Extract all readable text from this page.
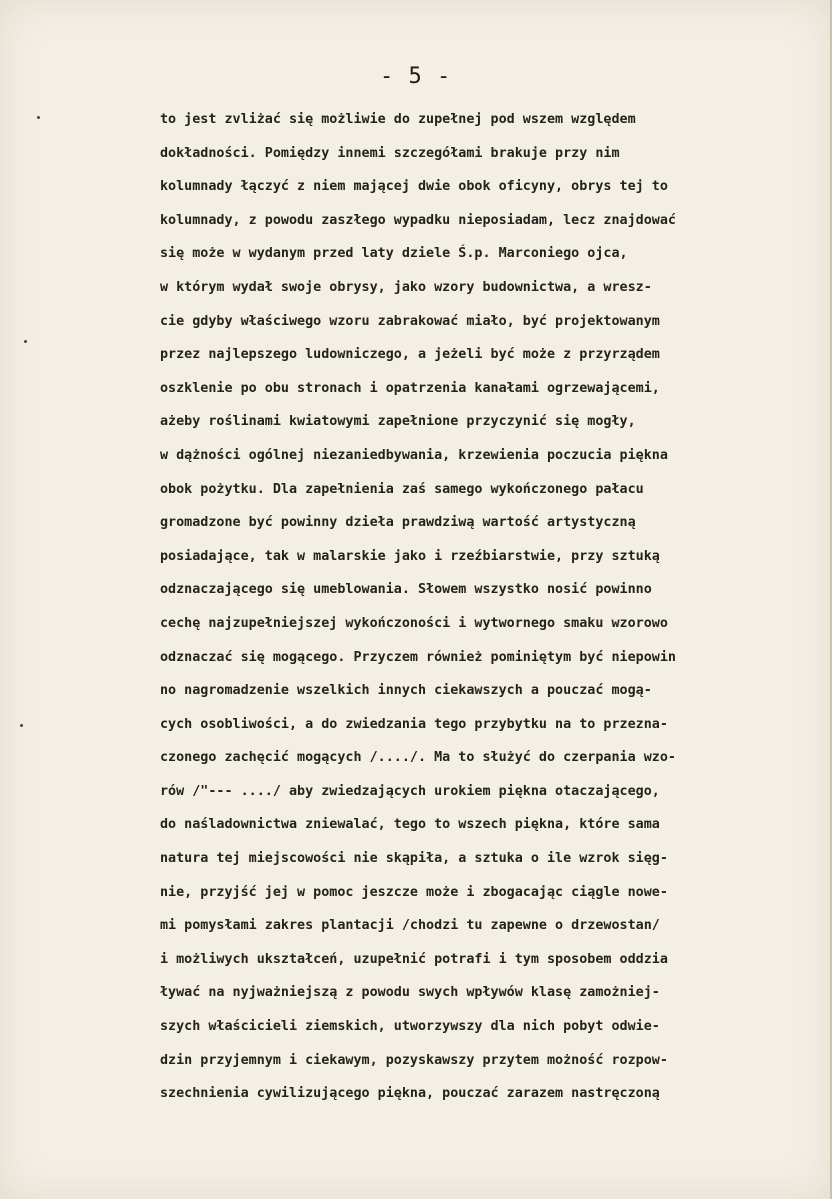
- 5 -
to jest zvliżać się możliwie do zupełnej pod wszem względem
dokładności. Pomiędzy innemi szczegółami brakuje przy nim
kolumnady łączyć z niem mającej dwie obok oficyny, obrys tej to
kolumnady, z powodu zaszłego wypadku nieposiadam, lecz znajdować
się może w wydanym przed laty dziele Ś.p. Marconiego ojca,
w którym wydał swoje obrysy, jako wzory budownictwa, a wresz-
cie gdyby właściwego wzoru zabrakować miało, być projektowanym
przez najlepszego ludowniczego, a jeżeli być może z przyrządem
oszklenie po obu stronach i opatrzenia kanałami ogrzewającemi,
ażeby roślinami kwiatowymi zapełnione przyczynić się mogły,
w dążności ogólnej niezaniedbywania, krzewienia poczucia piękna
obok pożytku. Dla zapełnienia zaś samego wykończonego pałacu
gromadzone być powinny dzieła prawdziwą wartość artystyczną
posiadające, tak w malarskie jako i rzeźbiarstwie, przy sztuką
odznaczającego się umeblowania. Słowem wszystko nosić powinno
cechę najzupełniejszej wykończoności i wytwornego smaku wzorowo
odznaczać się mogącego. Przyczem również pominiętym być niepowin
no nagromadzenie wszelkich innych ciekawszych a pouczać mogą-
cych osobliwości, a do zwiedzania tego przybytku na to przezna-
czonego zachęcić mogących /..../. Ma to służyć do czerpania wzo-
rów /"--- ..../ aby zwiedzających urokiem piękna otaczającego,
do naśladownictwa zniewalać, tego to wszech piękna, które sama
natura tej miejscowości nie skąpiła, a sztuka o ile wzrok sięg-
nie, przyjść jej w pomoc jeszcze może i zbogacając ciągle nowe-
mi pomysłami zakres plantacji /chodzi tu zapewne o drzewostan/
i możliwych ukształceń, uzupełnić potrafi i tym sposobem oddzia
ływać na nyjważniejszą z powodu swych wpływów klasę zamożniej-
szych właścicieli ziemskich, utworzywszy dla nich pobyt odwie-
dzin przyjemnym i ciekawym, pozyskawszy przytem możność rozpow-
szechnienia cywilizującego piękna, pouczać zarazem nastręczoną
